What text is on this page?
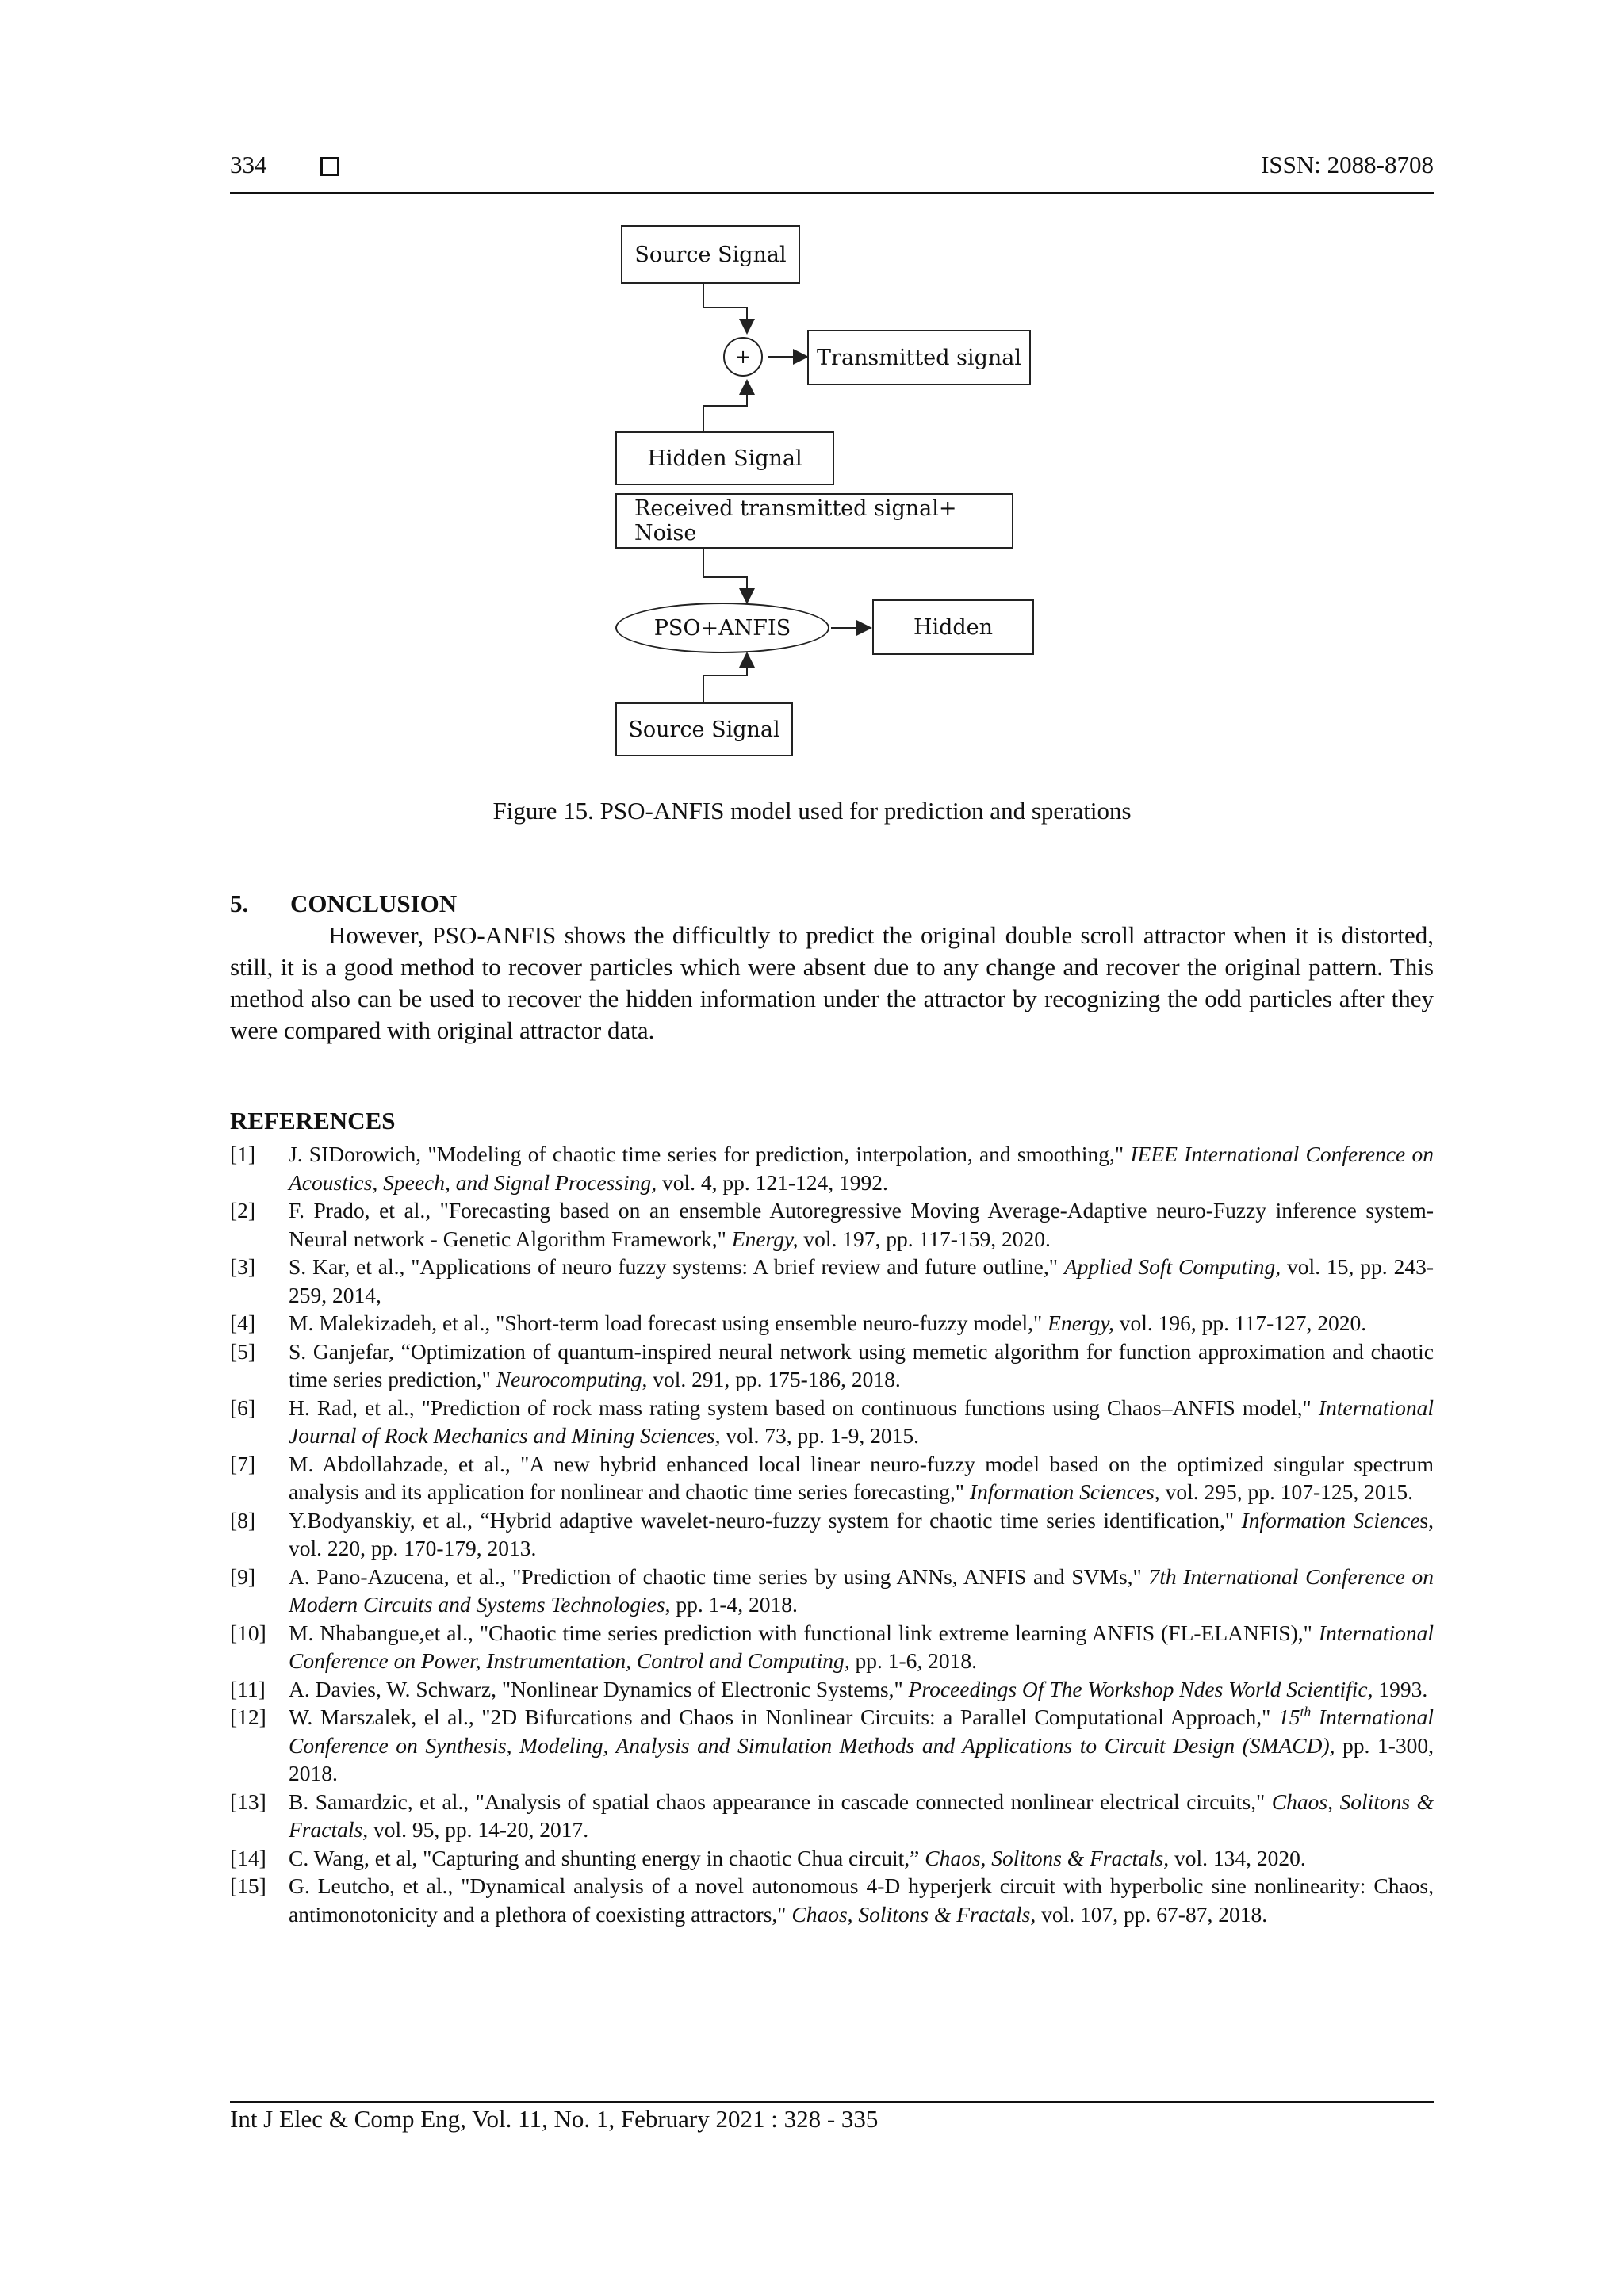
334	ISSN: 2088-8708
Source Signal
+	Transmitted signal
Hidden Signal
Received transmitted signal+ Noise
PSO+ANFIS	Hidden
Source Signal
Figure 15. PSO-ANFIS model used for prediction and sperations
5. CONCLUSION
However, PSO-ANFIS shows the difficultly to predict the original double scroll attractor when it is distorted, still, it is a good method to recover particles which were absent due to any change and recover the original pattern. This method also can be used to recover the hidden information under the attractor by recognizing the odd particles after they were compared with original attractor data.
REFERENCES
[1] J. SIDorowich, "Modeling of chaotic time series for prediction, interpolation, and smoothing," IEEE International Conference on Acoustics, Speech, and Signal Processing, vol. 4, pp. 121-124, 1992.
[2] F. Prado, et al., "Forecasting based on an ensemble Autoregressive Moving Average-Adaptive neuro-Fuzzy inference system-Neural network - Genetic Algorithm Framework," Energy, vol. 197, pp. 117-159, 2020.
[3] S. Kar, et al., "Applications of neuro fuzzy systems: A brief review and future outline," Applied Soft Computing, vol. 15, pp. 243-259, 2014,
[4] M. Malekizadeh, et al., "Short-term load forecast using ensemble neuro-fuzzy model," Energy, vol. 196, pp. 117-127, 2020.
[5] S. Ganjefar, “Optimization of quantum-inspired neural network using memetic algorithm for function approximation and chaotic time series prediction," Neurocomputing, vol. 291, pp. 175-186, 2018.
[6] H. Rad, et al., "Prediction of rock mass rating system based on continuous functions using Chaos–ANFIS model," International Journal of Rock Mechanics and Mining Sciences, vol. 73, pp. 1-9, 2015.
[7] M. Abdollahzade, et al., "A new hybrid enhanced local linear neuro-fuzzy model based on the optimized singular spectrum analysis and its application for nonlinear and chaotic time series forecasting," Information Sciences, vol. 295, pp. 107-125, 2015.
[8] Y.Bodyanskiy, et al., “Hybrid adaptive wavelet-neuro-fuzzy system for chaotic time series identification," Information Sciences, vol. 220, pp. 170-179, 2013.
[9] A. Pano-Azucena, et al., "Prediction of chaotic time series by using ANNs, ANFIS and SVMs," 7th International Conference on Modern Circuits and Systems Technologies, pp. 1-4, 2018.
[10] M. Nhabangue,et al., "Chaotic time series prediction with functional link extreme learning ANFIS (FL-ELANFIS)," International Conference on Power, Instrumentation, Control and Computing, pp. 1-6, 2018.
[11] A. Davies, W. Schwarz, "Nonlinear Dynamics of Electronic Systems," Proceedings Of The Workshop Ndes World Scientific, 1993.
[12] W. Marszalek, el al., "2D Bifurcations and Chaos in Nonlinear Circuits: a Parallel Computational Approach," 15th International Conference on Synthesis, Modeling, Analysis and Simulation Methods and Applications to Circuit Design (SMACD), pp. 1-300, 2018.
[13] B. Samardzic, et al., "Analysis of spatial chaos appearance in cascade connected nonlinear electrical circuits," Chaos, Solitons & Fractals, vol. 95, pp. 14-20, 2017.
[14] C. Wang, et al, "Capturing and shunting energy in chaotic Chua circuit,” Chaos, Solitons & Fractals, vol. 134, 2020.
[15] G. Leutcho, et al., "Dynamical analysis of a novel autonomous 4-D hyperjerk circuit with hyperbolic sine nonlinearity: Chaos, antimonotonicity and a plethora of coexisting attractors," Chaos, Solitons & Fractals, vol. 107, pp. 67-87, 2018.
Int J Elec & Comp Eng, Vol. 11, No. 1, February 2021 : 328 - 335
